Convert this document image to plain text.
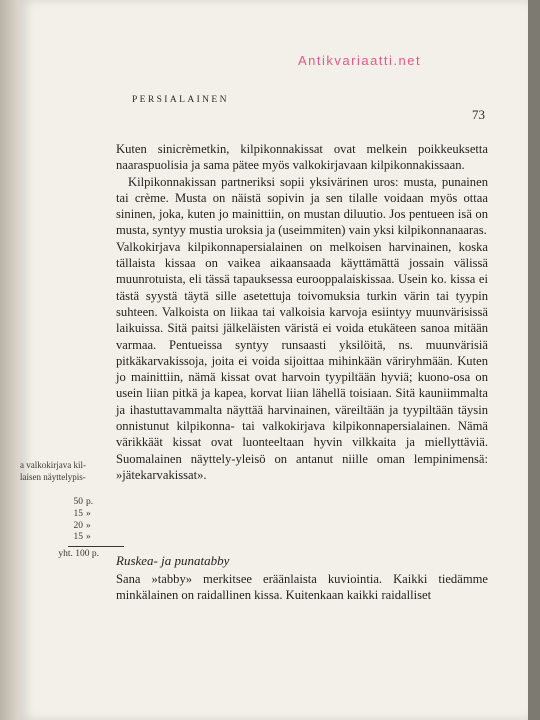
Antikvariaatti.net
PERSIALAINEN
73

Kuten sinicrèmetkin, kilpikonnakissat ovat melkein poikkeuksetta naaraspuolisia ja sama pätee myös valkokirjavaan kilpikonnakissaan.

Kilpikonnakissan partneriksi sopii yksivärinen uros: musta, punainen tai crème. Musta on näistä sopivin ja sen tilalle voidaan myös ottaa sininen, joka, kuten jo mainittiin, on mustan diluutio. Jos pentueen isä on musta, syntyy mustia uroksia ja (useimmiten) vain yksi kilpikonnanaaras.

Valkokirjava kilpikonnapersialainen on melkoisen harvinainen, koska tällaista kissaa on vaikea aikaansaada käyttämättä jossain välissä muunrotuista, eli tässä tapauksessa eurooppalaiskissaa. Usein ko. kissa ei tästä syystä täytä sille asetettuja toivomuksia turkin värin tai tyypin suhteen. Valkoista on liikaa tai valkoisia karvoja esiintyy muunvärisissä laikuissa. Sitä paitsi jälkeläisten väristä ei voida etukäteen sanoa mitään varmaa. Pentueissa syntyy runsaasti yksilöitä, ns. muunvärisiä pitkäkarvakissoja, joita ei voida sijoittaa mihinkään väriryhmään. Kuten jo mainittiin, nämä kissat ovat harvoin tyypiltään hyviä; kuono-osa on usein liian pitkä ja kapea, korvat liian lähellä toisiaan. Sitä kauniimmalta ja ihastuttavammalta näyttää harvinainen, väreiltään ja tyypiltään täysin onnistunut kilpikonna- tai valkokirjava kilpikonnapersialainen. Nämä värikkäät kissat ovat luonteeltaan hyvin vilkkaita ja miellyttäviä. Suomalainen näyttely-yleisö on antanut niille oman lempinimensä: »jätekarvakissat».

a valkokirjava kil-
laisen näyttelypis-
50 p.
15 »
20 »
15 »
yht. 100 p. Ruskea- ja punatabby

Sana »tabby» merkitsee eräänlaista kuviointia. Kaikki tiedämme minkälainen on raidallinen kissa. Kuitenkaan kaikki raidalliset
